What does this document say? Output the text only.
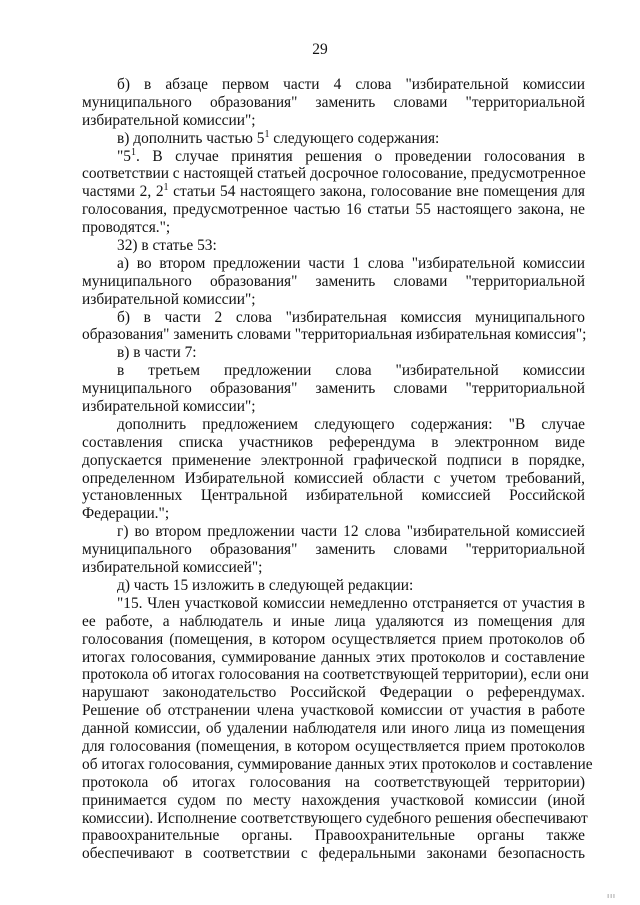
29
б) в абзаце первом части 4 слова "избирательной комиссии
муниципального образования" заменить словами "территориальной
избирательной комиссии";
в) дополнить частью $5^1$ следующего содержания:
"$5^1$. В случае принятия решения о проведении голосования в
соответствии с настоящей статьей досрочное голосование, предусмотренное
частями 2, $2^1$ статьи 54 настоящего закона, голосование вне помещения для
голосования, предусмотренное частью 16 статьи 55 настоящего закона, не
проводятся.";
32) в статье 53:
а) во втором предложении части 1 слова "избирательной комиссии
муниципального образования" заменить словами "территориальной
избирательной комиссии";
б) в части 2 слова "избирательная комиссия муниципального
образования" заменить словами "территориальная избирательная комиссия";
в) в части 7:
в третьем предложении слова "избирательной комиссии
муниципального образования" заменить словами "территориальной
избирательной комиссии";
дополнить предложением следующего содержания: "В случае
составления списка участников референдума в электронном виде
допускается применение электронной графической подписи в порядке,
определенном Избирательной комиссией области с учетом требований,
установленных Центральной избирательной комиссией Российской
Федерации.";
г) во втором предложении части 12 слова "избирательной комиссией
муниципального образования" заменить словами "территориальной
избирательной комиссией";
д) часть 15 изложить в следующей редакции:
"15. Член участковой комиссии немедленно отстраняется от участия в
ее работе, а наблюдатель и иные лица удаляются из помещения для
голосования (помещения, в котором осуществляется прием протоколов об
итогах голосования, суммирование данных этих протоколов и составление
протокола об итогах голосования на соответствующей территории), если они
нарушают законодательство Российской Федерации о референдумах.
Решение об отстранении члена участковой комиссии от участия в работе
данной комиссии, об удалении наблюдателя или иного лица из помещения
для голосования (помещения, в котором осуществляется прием протоколов
об итогах голосования, суммирование данных этих протоколов и составление
протокола об итогах голосования на соответствующей территории)
принимается судом по месту нахождения участковой комиссии (иной
комиссии). Исполнение соответствующего судебного решения обеспечивают
правоохранительные органы. Правоохранительные органы также
обеспечивают в соответствии с федеральными законами безопасность
ııı
